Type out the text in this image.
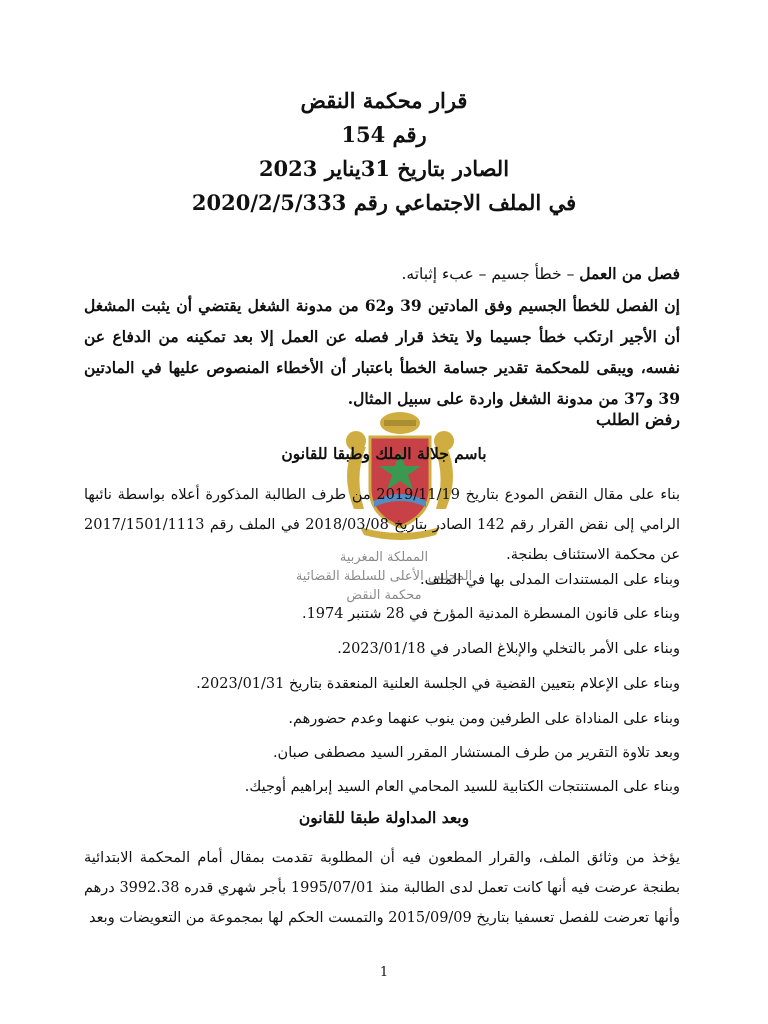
قرار محكمة النقض
رقم 154
الصادر بتاريخ 31يناير 2023
في الملف الاجتماعي رقم 2020/2/5/333
فصل من العمل – خطأ جسيم – عبء إثباته.
إن الفصل للخطأ الجسيم وفق المادتين 39 و62 من مدونة الشغل يقتضي أن يثبت المشغل أن الأجير ارتكب خطأ جسيما ولا يتخذ قرار فصله عن العمل إلا بعد تمكينه من الدفاع عن نفسه، ويبقى للمحكمة تقدير جسامة الخطأ باعتبار أن الأخطاء المنصوص عليها في المادتين 39 و37 من مدونة الشغل واردة على سبيل المثال.
رفض الطلب
باسم جلالة الملك وطبقا للقانون
بناء على مقال النقض المودع بتاريخ 2019/11/19 من طرف الطالبة المذكورة أعلاه بواسطة نائبها الرامي إلى نقض القرار رقم 142 الصادر بتاريخ 2018/03/08 في الملف رقم 2017/1501/1113 عن محكمة الاستئناف بطنجة.
المملكة المغربية
المجلس الأعلى للسلطة القضائية
محكمة النقض
وبناء على المستندات المدلى بها في الملف.
وبناء على قانون المسطرة المدنية المؤرخ في 28 شتنبر 1974.
وبناء على الأمر بالتخلي والإبلاغ الصادر في 2023/01/18.
وبناء على الإعلام بتعيين القضية في الجلسة العلنية المنعقدة بتاريخ 2023/01/31.
وبناء على المناداة على الطرفين ومن ينوب عنهما وعدم حضورهم.
وبعد تلاوة التقرير من طرف المستشار المقرر السيد مصطفى صبان.
وبناء على المستنتجات الكتابية للسيد المحامي العام السيد إبراهيم أوجيك.
وبعد المداولة طبقا للقانون
يؤخذ من وثائق الملف، والقرار المطعون فيه أن المطلوبة تقدمت بمقال أمام المحكمة الابتدائية بطنجة عرضت فيه أنها كانت تعمل لدى الطالبة منذ 1995/07/01 بأجر شهري قدره 3992.38 درهم وأنها تعرضت للفصل تعسفيا بتاريخ 2015/09/09 والتمست الحكم لها بمجموعة من التعويضات وبعد
1
